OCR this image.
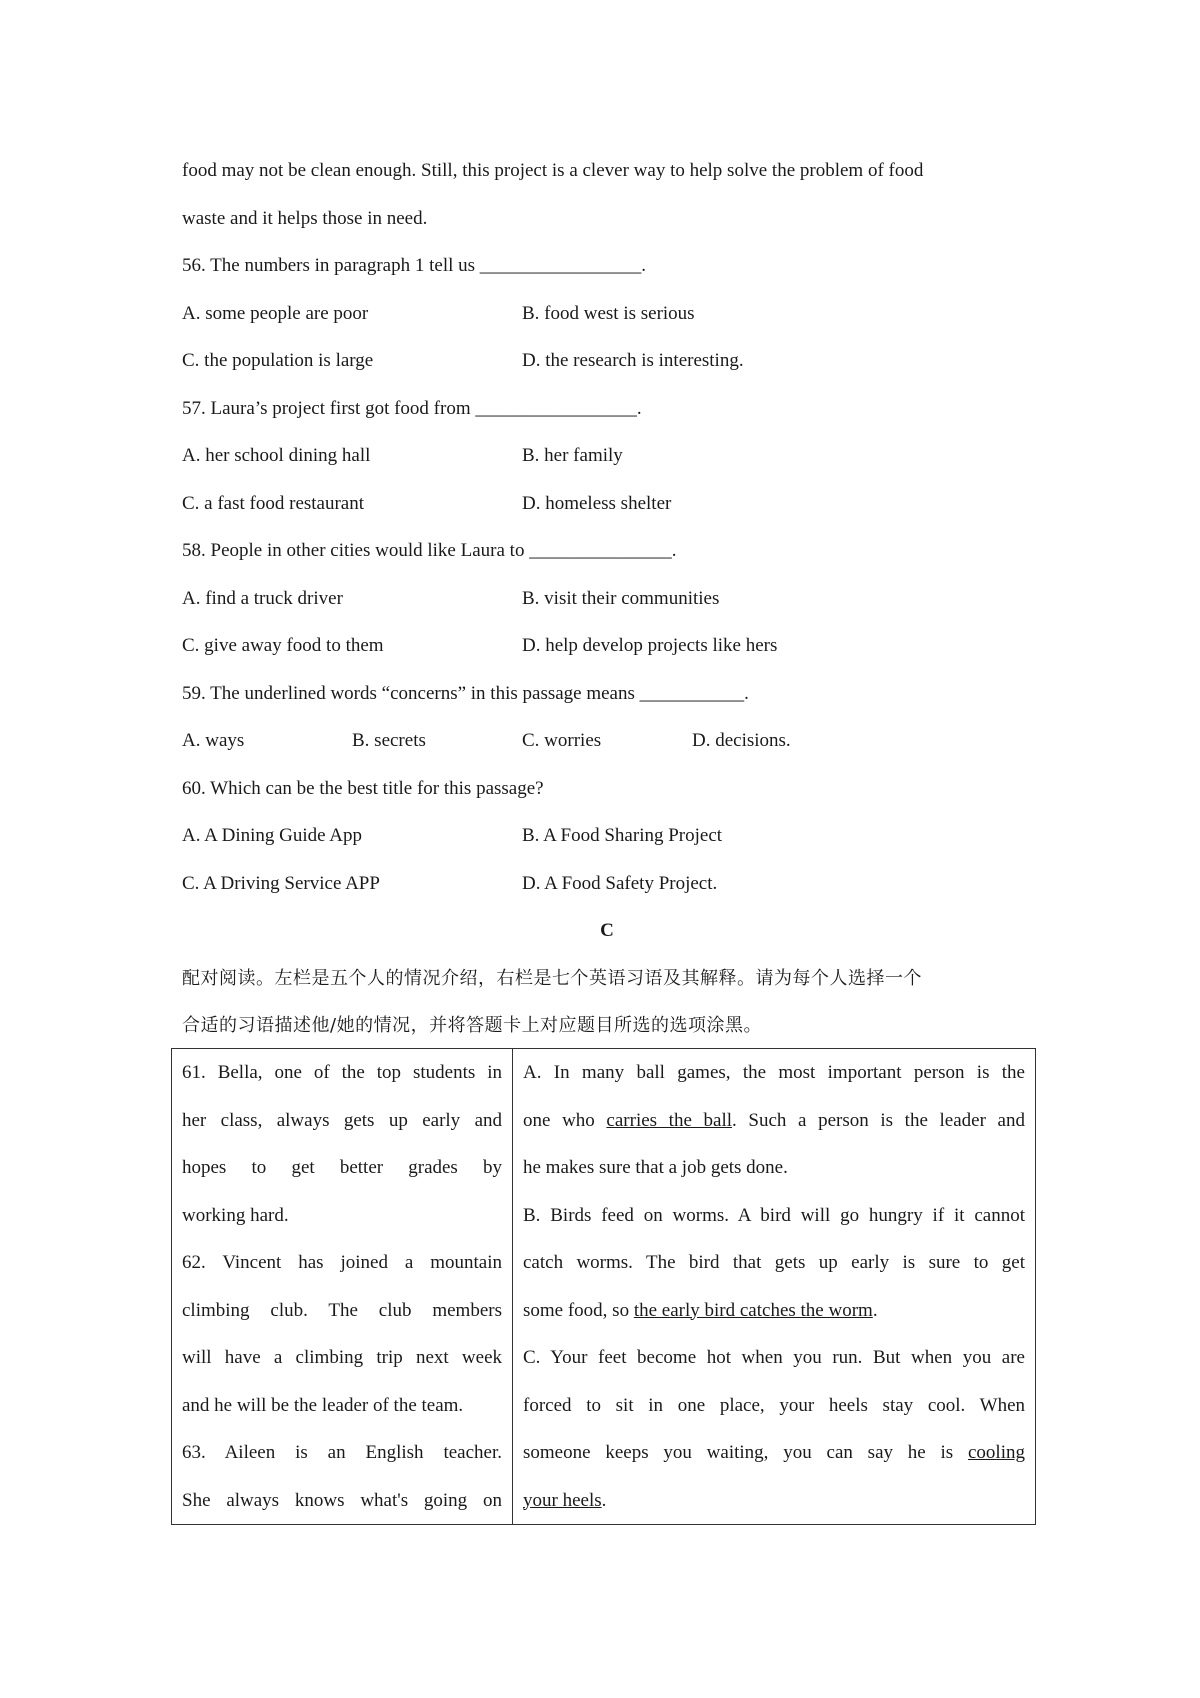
food may not be clean enough. Still, this project is a clever way to help solve the problem of food
waste and it helps those in need.
56. The numbers in paragraph 1 tell us _________________.
A. some people are poor	B. food west is serious
C. the population is large	D. the research is interesting.
57. Laura’s project first got food from _________________.
A. her school dining hall	B. her family
C. a fast food restaurant	D. homeless shelter
58. People in other cities would like Laura to _______________.
A. find a truck driver	B. visit their communities
C. give away food to them	D. help develop projects like hers
59. The underlined words “concerns” in this passage means ___________.
A. ways	B. secrets	C. worries	D. decisions.
60. Which can be the best title for this passage?
A. A Dining Guide App	B. A Food Sharing Project
C. A Driving Service APP	D. A Food Safety Project.
C
配对阅读。左栏是五个人的情况介绍，右栏是七个英语习语及其解释。请为每个人选择一个
合适的习语描述他/她的情况，并将答题卡上对应题目所选的选项涂黑。
61. Bella, one of the top students in
her class, always gets up early and
hopes to get better grades by
working hard.
62. Vincent has joined a mountain
climbing club. The club members
will have a climbing trip next week
and he will be the leader of the team.
63. Aileen is an English teacher.
She always knows what's going on

A. In many ball games, the most important person is the
one who carries the ball. Such a person is the leader and
he makes sure that a job gets done.
B. Birds feed on worms. A bird will go hungry if it cannot
catch worms. The bird that gets up early is sure to get
some food, so the early bird catches the worm.
C. Your feet become hot when you run. But when you are
forced to sit in one place, your heels stay cool. When
someone keeps you waiting, you can say he is cooling
your heels.
